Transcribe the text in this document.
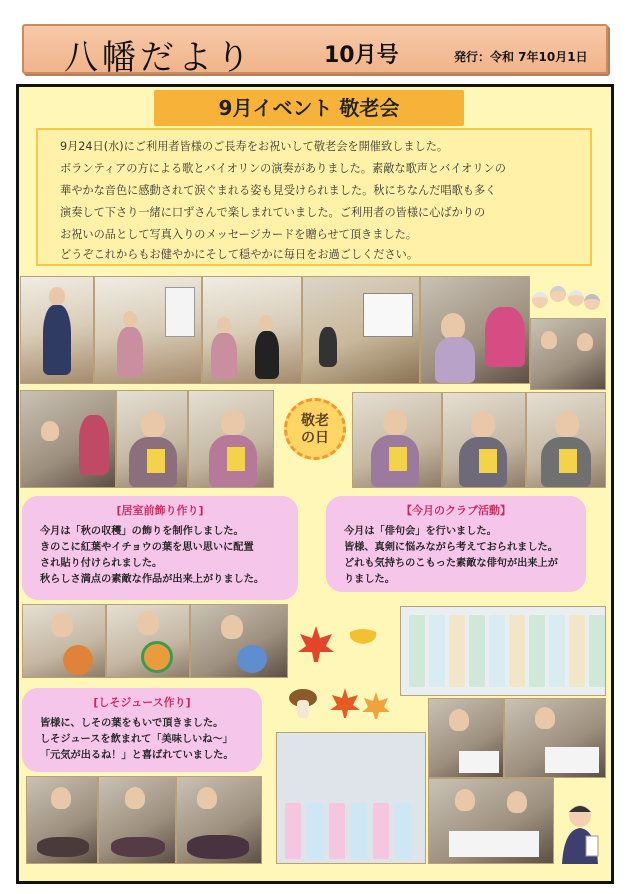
八幡だより	10月号	発行：令和 7年10月1日
9月イベント 敬老会
9月24日(水)にご利用者皆様のご長寿をお祝いして敬老会を開催致しました。
ボランティアの方による歌とバイオリンの演奏がありました。素敵な歌声とバイオリンの
華やかな音色に感動されて涙ぐまれる姿も見受けられました。秋にちなんだ唱歌も多く
演奏して下さり一緒に口ずさんで楽しまれていました。ご利用者の皆様に心ばかりの
お祝いの品として写真入りのメッセージカードを贈らせて頂きました。
どうぞこれからもお健やかにそして穏やかに毎日をお過ごしください。
敬老
の日
[居室前飾り作り]
今月は「秋の収穫」の飾りを制作しました。
きのこに紅葉やイチョウの葉を思い思いに配置
され貼り付けられました。
秋らしさ満点の素敵な作品が出来上がりました。
【今月のクラブ活動】
今月は「俳句会」を行いました。
皆様、真剣に悩みながら考えておられました。
どれも気持ちのこもった素敵な俳句が出来上が
りました。
[しそジュース作り]
皆様に、しその葉をもいで頂きました。
しそジュースを飲まれて「美味しいね～」
「元気が出るね！」と喜ばれていました。
